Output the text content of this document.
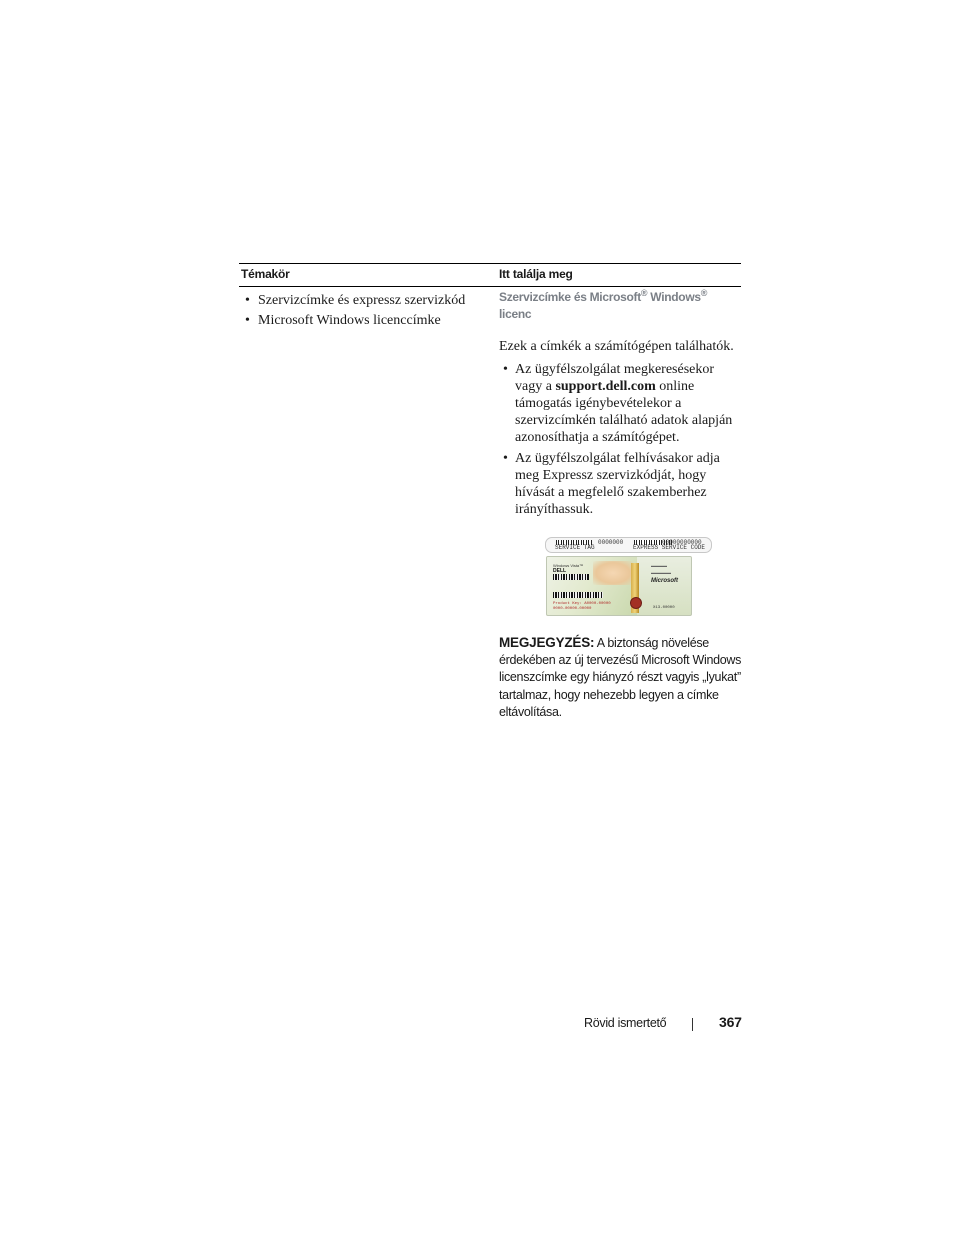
Témakör	Itt találja meg
• Szervizcímke és expressz szervizkód
• Microsoft Windows licenccímke
Szervizcímke és Microsoft® Windows®
licenc
Ezek a címkék a számítógépen találhatók.
• Az ügyfélszolgálat megkeresésekor vagy a support.dell.com online támogatás igénybevételekor a szervizcímkén található adatok alapján azonosíthatja a számítógépet.
• Az ügyfélszolgálat felhívásakor adja meg Expressz szervizkódját, hogy hívását a megfelelő szakemberhez irányíthassuk.
SERVICE TAG
0000000	00000000000
EXPRESS SERVICE CODE
Windows Vista™
DELL
Product Key: A0000-00000
0000-00000-00000
▬▬▬▬
▬▬▬▬▬
Microsoft
X13-00000
MEGJEGYZÉS: A biztonság növelése érdekében az új tervezésű Microsoft Windows licenszcímke egy hiányzó részt vagyis „lyukat” tartalmaz, hogy nehezebb legyen a címke eltávolítása.
Rövid ismertető	367
